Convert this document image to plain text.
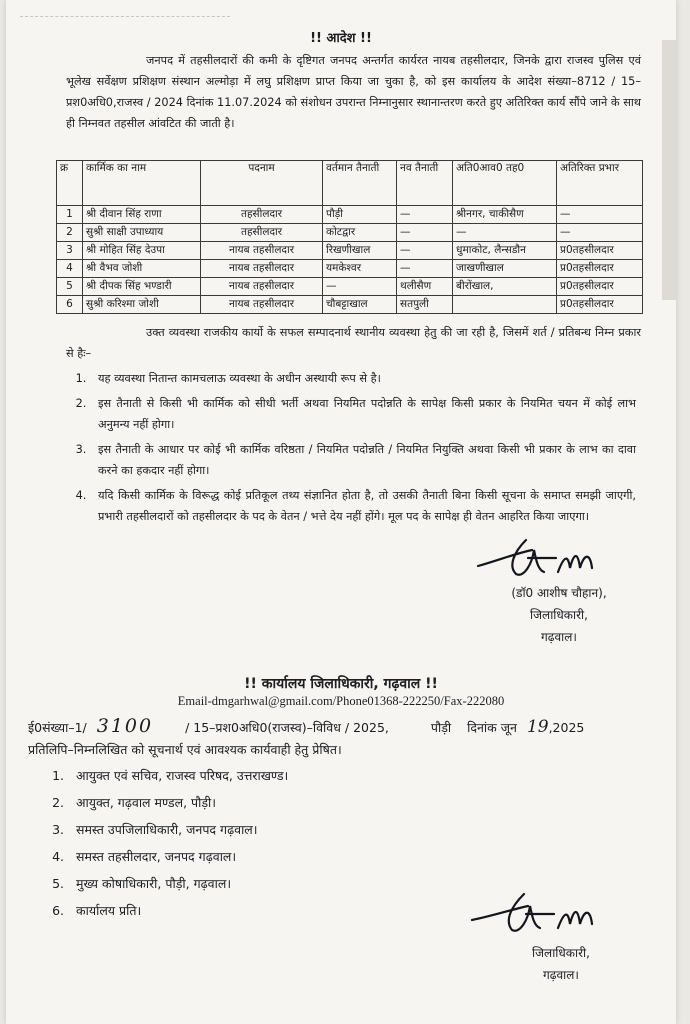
!! आदेश !!

जनपद में तहसीलदारों की कमी के दृष्टिगत जनपद अन्तर्गत कार्यरत नायब तहसीलदार, जिनके द्वारा राजस्व पुलिस एवं भूलेख सर्वेक्षण प्रशिक्षण संस्थान अल्मोड़ा में लघु प्रशिक्षण प्राप्त किया जा चुका है, को इस कार्यालय के आदेश संख्या–8712 / 15–प्रश0अधि0,राजस्व / 2024 दिनांक 11.07.2024 को संशोधन उपरान्त निम्नानुसार स्थानान्तरण करते हुए अतिरिक्त कार्य सौंपे जाने के साथ ही निम्नवत तहसील आंवटित की जाती है।

क्र	कार्मिक का नाम	पदनाम	वर्तमान तैनाती	नव तैनाती	अति0आव0 तह0	अतिरिक्त प्रभार
1	श्री दीवान सिंह राणा	तहसीलदार	पौड़ी	—	श्रीनगर, चाकीसैण	—
2	सुश्री साक्षी उपाध्याय	तहसीलदार	कोटद्वार	—	—	—
3	श्री मोहित सिंह देउपा	नायब तहसीलदार	रिखणीखाल	—	धुमाकोट, लैन्सडौन	प्र0तहसीलदार
4	श्री वैभव जोशी	नायब तहसीलदार	यमकेश्वर	—	जाखणीखाल	प्र0तहसीलदार
5	श्री दीपक सिंह भण्डारी	नायब तहसीलदार	—	थलीसैण	बीरोंखाल,	प्र0तहसीलदार
6	सुश्री करिश्मा जोशी	नायब तहसीलदार	चौबट्टाखाल	सतपुली		प्र0तहसीलदार

उक्त व्यवस्था राजकीय कार्यो के सफल सम्पादनार्थ स्थानीय व्यवस्था हेतु की जा रही है, जिसमें शर्त / प्रतिबन्ध निम्न प्रकार से हैः–

1. यह व्यवस्था नितान्त कामचलाऊ व्यवस्था के अधीन अस्थायी रूप से है।
2. इस तैनाती से किसी भी कार्मिक को सीधी भर्ती अथवा नियमित पदोन्नति के सापेक्ष किसी प्रकार के नियमित चयन में कोई लाभ अनुमन्य नहीं होगा।
3. इस तैनाती के आधार पर कोई भी कार्मिक वरिष्ठता / नियमित पदोन्नति / नियमित नियुक्ति अथवा किसी भी प्रकार के लाभ का दावा करने का हकदार नहीं होगा।
4. यदि किसी कार्मिक के विरूद्ध कोई प्रतिकूल तथ्य संज्ञानित होता है, तो उसकी तैनाती बिना किसी सूचना के समाप्त समझी जाएगी, प्रभारी तहसीलदारों को तहसीलदार के पद के वेतन / भत्ते देय नहीं होंगे। मूल पद के सापेक्ष ही वेतन आहरित किया जाएगा।
(डॉ0 आशीष चौहान),
जिलाधिकारी,
गढ़वाल।
!! कार्यालय जिलाधिकारी, गढ़वाल !!
Email-dmgarhwal@gmail.com/Phone01368-222250/Fax-222080
ई0संख्या–1/ 3100	/ 15–प्रश0अधि0(राजस्व)–विविध / 2025,	पौड़ी दिनांक जून 19,2025
प्रतिलिपि–निम्नलिखित को सूचनार्थ एवं आवश्यक कार्यवाही हेतु प्रेषित।
1. आयुक्त एवं सचिव, राजस्व परिषद, उत्तराखण्ड।
2. आयुक्त, गढ़वाल मण्डल, पौड़ी।
3. समस्त उपजिलाधिकारी, जनपद गढ़वाल।
4. समस्त तहसीलदार, जनपद गढ़वाल।
5. मुख्य कोषाधिकारी, पौड़ी, गढ़वाल।
6. कार्यालय प्रति।
जिलाधिकारी,
गढ़वाल।
